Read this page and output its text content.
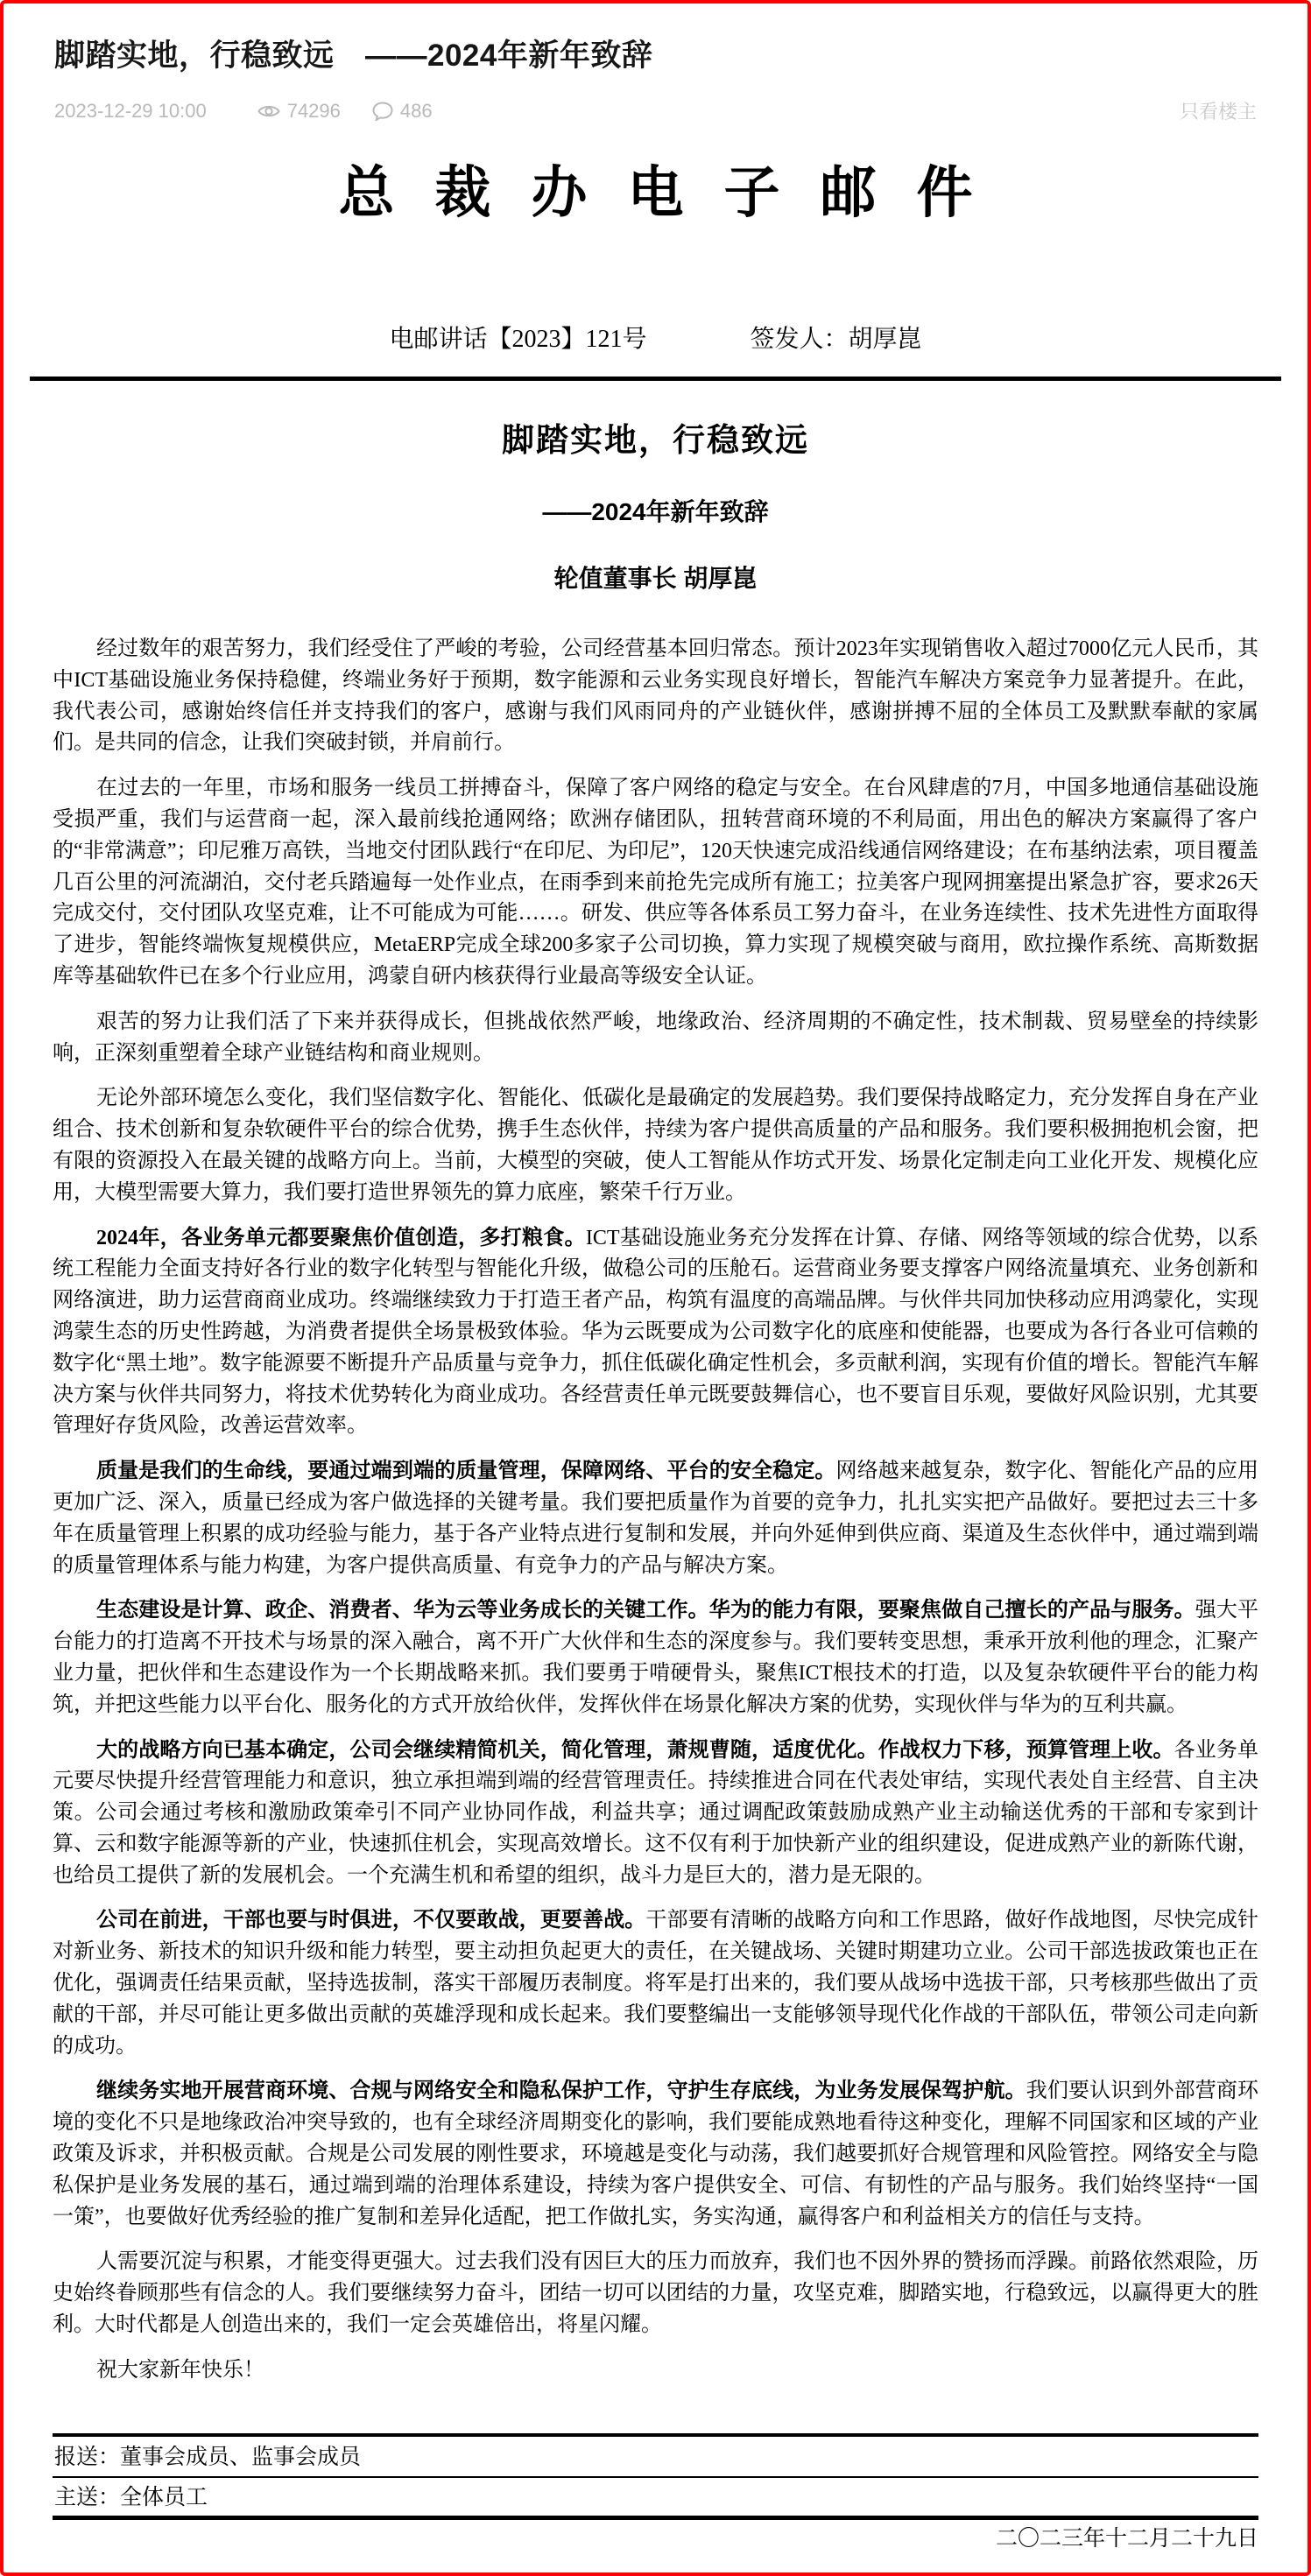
脚踏实地，行稳致远　——2024年新年致辞
2023-12-29 10:00	74296	486	只看楼主
总裁办电子邮件
电邮讲话【2023】121号	签发人：胡厚崑
脚踏实地，行稳致远
——2024年新年致辞
轮值董事长 胡厚崑

经过数年的艰苦努力，我们经受住了严峻的考验，公司经营基本回归常态。预计2023年实现销售收入超过7000亿元人民币，其中ICT基础设施业务保持稳健，终端业务好于预期，数字能源和云业务实现良好增长，智能汽车解决方案竞争力显著提升。在此，我代表公司，感谢始终信任并支持我们的客户，感谢与我们风雨同舟的产业链伙伴，感谢拼搏不屈的全体员工及默默奉献的家属们。是共同的信念，让我们突破封锁，并肩前行。

在过去的一年里，市场和服务一线员工拼搏奋斗，保障了客户网络的稳定与安全。在台风肆虐的7月，中国多地通信基础设施受损严重，我们与运营商一起，深入最前线抢通网络；欧洲存储团队，扭转营商环境的不利局面，用出色的解决方案赢得了客户的“非常满意”；印尼雅万高铁，当地交付团队践行“在印尼、为印尼”，120天快速完成沿线通信网络建设；在布基纳法索，项目覆盖几百公里的河流湖泊，交付老兵踏遍每一处作业点，在雨季到来前抢先完成所有施工；拉美客户现网拥塞提出紧急扩容，要求26天完成交付，交付团队攻坚克难，让不可能成为可能……。研发、供应等各体系员工努力奋斗，在业务连续性、技术先进性方面取得了进步，智能终端恢复规模供应，MetaERP完成全球200多家子公司切换，算力实现了规模突破与商用，欧拉操作系统、高斯数据库等基础软件已在多个行业应用，鸿蒙自研内核获得行业最高等级安全认证。

艰苦的努力让我们活了下来并获得成长，但挑战依然严峻，地缘政治、经济周期的不确定性，技术制裁、贸易壁垒的持续影响，正深刻重塑着全球产业链结构和商业规则。

无论外部环境怎么变化，我们坚信数字化、智能化、低碳化是最确定的发展趋势。我们要保持战略定力，充分发挥自身在产业组合、技术创新和复杂软硬件平台的综合优势，携手生态伙伴，持续为客户提供高质量的产品和服务。我们要积极拥抱机会窗，把有限的资源投入在最关键的战略方向上。当前，大模型的突破，使人工智能从作坊式开发、场景化定制走向工业化开发、规模化应用，大模型需要大算力，我们要打造世界领先的算力底座，繁荣千行万业。

2024年，各业务单元都要聚焦价值创造，多打粮食。ICT基础设施业务充分发挥在计算、存储、网络等领域的综合优势，以系统工程能力全面支持好各行业的数字化转型与智能化升级，做稳公司的压舱石。运营商业务要支撑客户网络流量填充、业务创新和网络演进，助力运营商商业成功。终端继续致力于打造王者产品，构筑有温度的高端品牌。与伙伴共同加快移动应用鸿蒙化，实现鸿蒙生态的历史性跨越，为消费者提供全场景极致体验。华为云既要成为公司数字化的底座和使能器，也要成为各行各业可信赖的数字化“黑土地”。数字能源要不断提升产品质量与竞争力，抓住低碳化确定性机会，多贡献利润，实现有价值的增长。智能汽车解决方案与伙伴共同努力，将技术优势转化为商业成功。各经营责任单元既要鼓舞信心，也不要盲目乐观，要做好风险识别，尤其要管理好存货风险，改善运营效率。

质量是我们的生命线，要通过端到端的质量管理，保障网络、平台的安全稳定。网络越来越复杂，数字化、智能化产品的应用更加广泛、深入，质量已经成为客户做选择的关键考量。我们要把质量作为首要的竞争力，扎扎实实把产品做好。要把过去三十多年在质量管理上积累的成功经验与能力，基于各产业特点进行复制和发展，并向外延伸到供应商、渠道及生态伙伴中，通过端到端的质量管理体系与能力构建，为客户提供高质量、有竞争力的产品与解决方案。

生态建设是计算、政企、消费者、华为云等业务成长的关键工作。华为的能力有限，要聚焦做自己擅长的产品与服务。强大平台能力的打造离不开技术与场景的深入融合，离不开广大伙伴和生态的深度参与。我们要转变思想，秉承开放利他的理念，汇聚产业力量，把伙伴和生态建设作为一个长期战略来抓。我们要勇于啃硬骨头，聚焦ICT根技术的打造，以及复杂软硬件平台的能力构筑，并把这些能力以平台化、服务化的方式开放给伙伴，发挥伙伴在场景化解决方案的优势，实现伙伴与华为的互利共赢。

大的战略方向已基本确定，公司会继续精简机关，简化管理，萧规曹随，适度优化。作战权力下移，预算管理上收。各业务单元要尽快提升经营管理能力和意识，独立承担端到端的经营管理责任。持续推进合同在代表处审结，实现代表处自主经营、自主决策。公司会通过考核和激励政策牵引不同产业协同作战，利益共享；通过调配政策鼓励成熟产业主动输送优秀的干部和专家到计算、云和数字能源等新的产业，快速抓住机会，实现高效增长。这不仅有利于加快新产业的组织建设，促进成熟产业的新陈代谢，也给员工提供了新的发展机会。一个充满生机和希望的组织，战斗力是巨大的，潜力是无限的。

公司在前进，干部也要与时俱进，不仅要敢战，更要善战。干部要有清晰的战略方向和工作思路，做好作战地图，尽快完成针对新业务、新技术的知识升级和能力转型，要主动担负起更大的责任，在关键战场、关键时期建功立业。公司干部选拔政策也正在优化，强调责任结果贡献，坚持选拔制，落实干部履历表制度。将军是打出来的，我们要从战场中选拔干部，只考核那些做出了贡献的干部，并尽可能让更多做出贡献的英雄浮现和成长起来。我们要整编出一支能够领导现代化作战的干部队伍，带领公司走向新的成功。

继续务实地开展营商环境、合规与网络安全和隐私保护工作，守护生存底线，为业务发展保驾护航。我们要认识到外部营商环境的变化不只是地缘政治冲突导致的，也有全球经济周期变化的影响，我们要能成熟地看待这种变化，理解不同国家和区域的产业政策及诉求，并积极贡献。合规是公司发展的刚性要求，环境越是变化与动荡，我们越要抓好合规管理和风险管控。网络安全与隐私保护是业务发展的基石，通过端到端的治理体系建设，持续为客户提供安全、可信、有韧性的产品与服务。我们始终坚持“一国一策”，也要做好优秀经验的推广复制和差异化适配，把工作做扎实，务实沟通，赢得客户和利益相关方的信任与支持。

人需要沉淀与积累，才能变得更强大。过去我们没有因巨大的压力而放弃，我们也不因外界的赞扬而浮躁。前路依然艰险，历史始终眷顾那些有信念的人。我们要继续努力奋斗，团结一切可以团结的力量，攻坚克难，脚踏实地，行稳致远，以赢得更大的胜利。大时代都是人创造出来的，我们一定会英雄倍出，将星闪耀。

祝大家新年快乐！

报送：董事会成员、监事会成员
主送：全体员工
二〇二三年十二月二十九日
